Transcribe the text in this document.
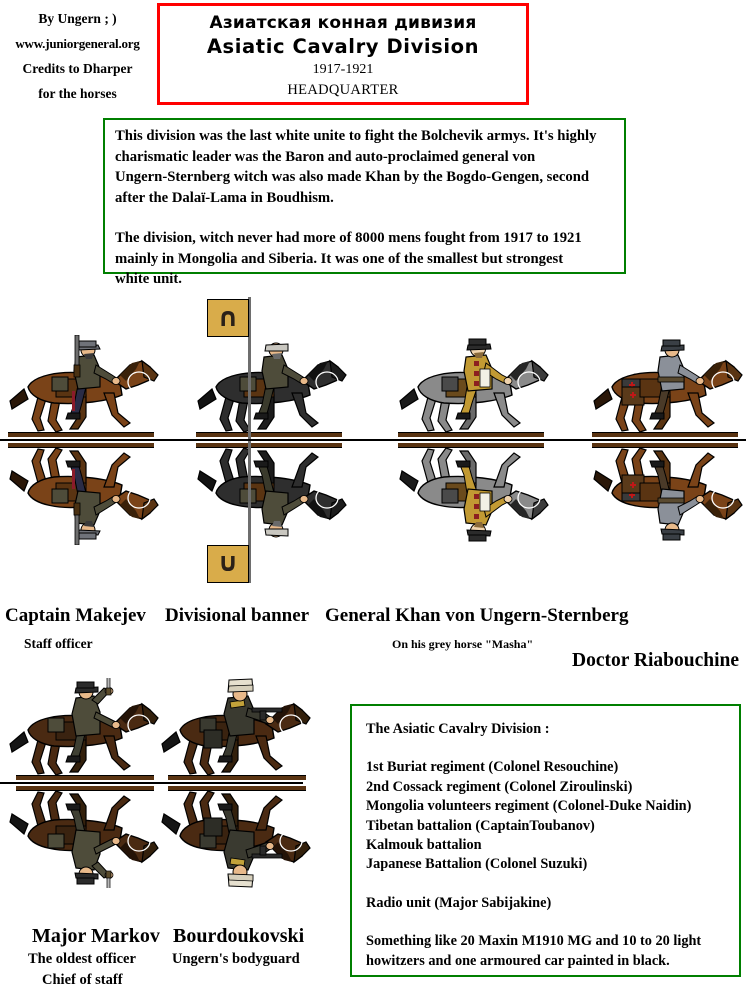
By Ungern ; )
www.juniorgeneral.org
Credits to Dharper
for the horses
Азиатская конная дивизия
Asiatic Cavalry Division
1917-1921
HEADQUARTER

This division was the last white unite to fight the Bolchevik armys. It's highly
charismatic leader was the Baron and auto-proclaimed general von
Ungern-Sternberg witch was also made Khan by the Bogdo-Gengen, second
after the Dalaï-Lama in Boudhism.

The division, witch never had more of 8000 mens fought from 1917 to 1921
mainly in Mongolia and Siberia. It was one of the smallest but strongest
white unit.

∩
∩
Captain Makejev
Staff officer
Divisional banner General Khan von Ungern-Sternberg
On his grey horse "Masha"
Doctor Riabouchine
Major Markov
The oldest officer
Chief of staff
Bourdoukovski
Ungern's bodyguard
The Asiatic Cavalry Division :

1st Buriat regiment (Colonel Resouchine)
2nd Cossack regiment (Colonel Ziroulinski)
Mongolia volunteers regiment (Colonel-Duke Naidin)
Tibetan battalion (CaptainToubanov)
Kalmouk battalion
Japanese Battalion (Colonel Suzuki)

Radio unit (Major Sabijakine)

Something like 20 Maxin M1910 MG and 10 to 20 light
howitzers and one armoured car painted in black.
